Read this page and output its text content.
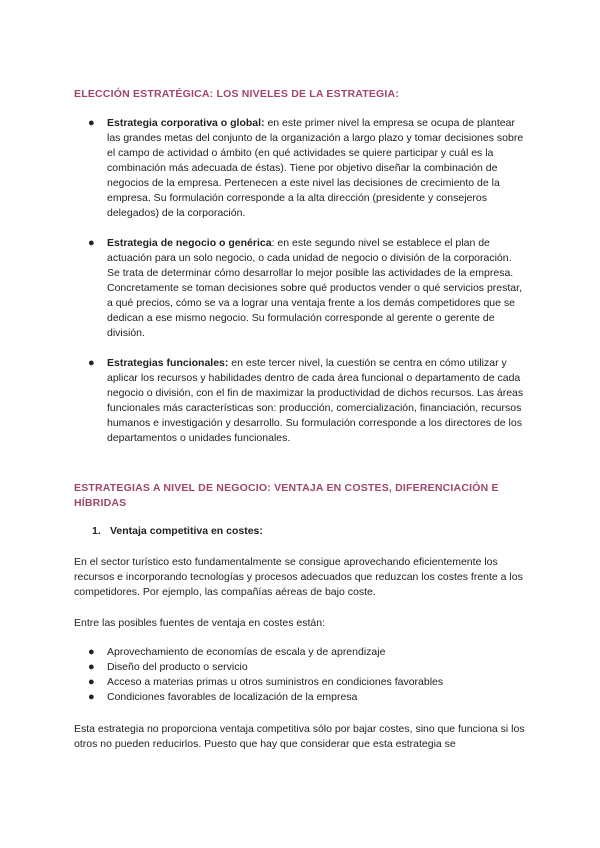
ELECCIÓN ESTRATÉGICA: LOS NIVELES DE LA ESTRATEGIA:
● Estrategia corporativa o global: en este primer nivel la empresa se ocupa de plantear las grandes metas del conjunto de la organización a largo plazo y tomar decisiones sobre el campo de actividad o ámbito (en qué actividades se quiere participar y cuál es la combinación más adecuada de éstas). Tiene por objetivo diseñar la combinación de negocios de la empresa. Pertenecen a este nivel las decisiones de crecimiento de la empresa. Su formulación corresponde a la alta dirección (presidente y consejeros delegados) de la corporación.
● Estrategia de negocio o genérica: en este segundo nivel se establece el plan de actuación para un solo negocio, o cada unidad de negocio o división de la corporación. Se trata de determinar cómo desarrollar lo mejor posible las actividades de la empresa. Concretamente se toman decisiones sobre qué productos vender o qué servicios prestar, a qué precios, cómo se va a lograr una ventaja frente a los demás competidores que se dedican a ese mismo negocio. Su formulación corresponde al gerente o gerente de división.
● Estrategias funcionales: en este tercer nivel, la cuestión se centra en cómo utilizar y aplicar los recursos y habilidades dentro de cada área funcional o departamento de cada negocio o división, con el fin de maximizar la productividad de dichos recursos. Las áreas funcionales más características son: producción, comercialización, financiación, recursos humanos e investigación y desarrollo. Su formulación corresponde a los directores de los departamentos o unidades funcionales.
ESTRATEGIAS A NIVEL DE NEGOCIO: VENTAJA EN COSTES, DIFERENCIACIÓN E HÍBRIDAS
1. Ventaja competitiva en costes:

En el sector turístico esto fundamentalmente se consigue aprovechando eficientemente los recursos e incorporando tecnologías y procesos adecuados que reduzcan los costes frente a los competidores. Por ejemplo, las compañías aéreas de bajo coste.

Entre las posibles fuentes de ventaja en costes están:

● Aprovechamiento de economías de escala y de aprendizaje
● Diseño del producto o servicio
● Acceso a materias primas u otros suministros en condiciones favorables
● Condiciones favorables de localización de la empresa

Esta estrategia no proporciona ventaja competitiva sólo por bajar costes, sino que funciona si los otros no pueden reducirlos. Puesto que hay que considerar que esta estrategia se
